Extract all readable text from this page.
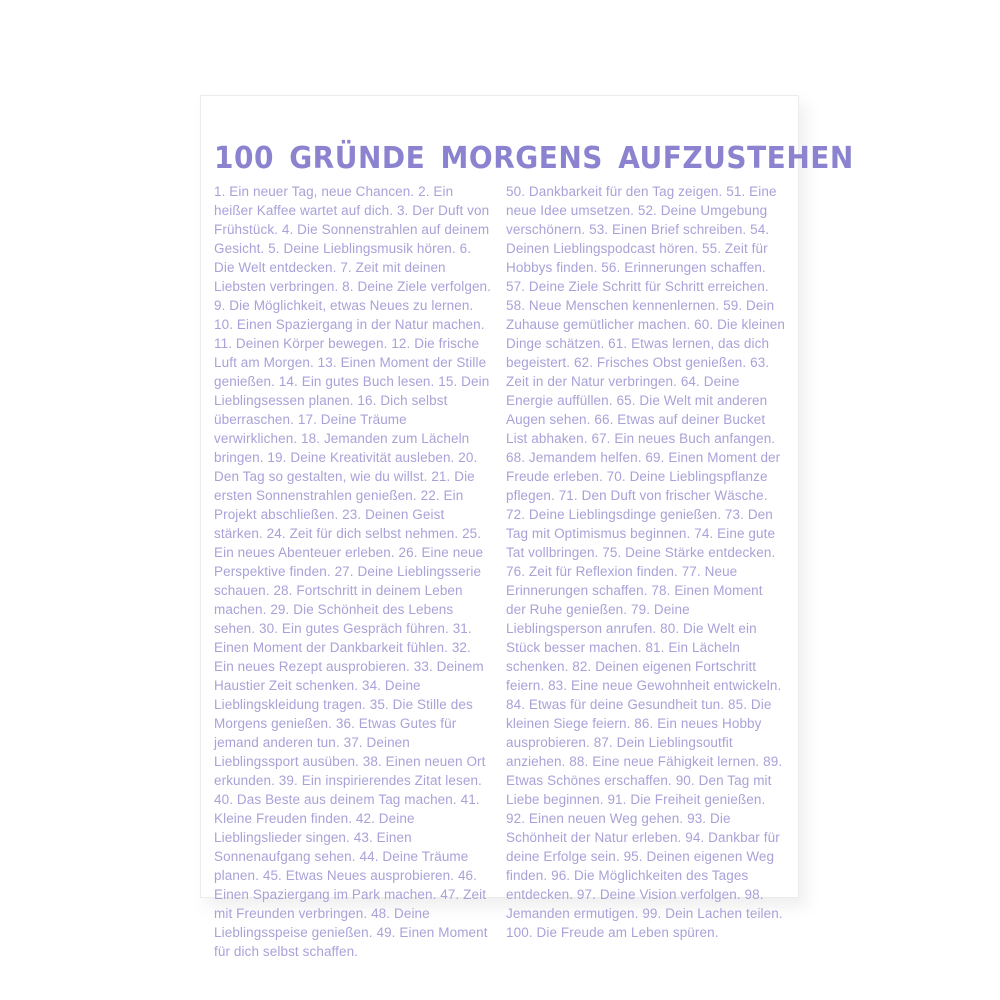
100 GRÜNDE MORGENS AUFZUSTEHEN

1. Ein neuer Tag, neue Chancen. 2. Ein heißer Kaffee wartet auf dich. 3. Der Duft von Frühstück. 4. Die Sonnenstrahlen auf deinem Gesicht. 5. Deine Lieblingsmusik hören. 6. Die Welt entdecken. 7. Zeit mit deinen Liebsten verbringen. 8. Deine Ziele verfolgen. 9. Die Möglichkeit, etwas Neues zu lernen. 10. Einen Spaziergang in der Natur machen. 11. Deinen Körper bewegen. 12. Die frische Luft am Morgen. 13. Einen Moment der Stille genießen. 14. Ein gutes Buch lesen. 15. Dein Lieblingsessen planen. 16. Dich selbst überraschen. 17. Deine Träume verwirklichen. 18. Jemanden zum Lächeln bringen. 19. Deine Kreativität ausleben. 20. Den Tag so gestalten, wie du willst. 21. Die ersten Sonnenstrahlen genießen. 22. Ein Projekt abschließen. 23. Deinen Geist stärken. 24. Zeit für dich selbst nehmen. 25. Ein neues Abenteuer erleben. 26. Eine neue Perspektive finden. 27. Deine Lieblingsserie schauen. 28. Fortschritt in deinem Leben machen. 29. Die Schönheit des Lebens sehen. 30. Ein gutes Gespräch führen. 31. Einen Moment der Dankbarkeit fühlen. 32. Ein neues Rezept ausprobieren. 33. Deinem Haustier Zeit schenken. 34. Deine Lieblingskleidung tragen. 35. Die Stille des Morgens genießen. 36. Etwas Gutes für jemand anderen tun. 37. Deinen Lieblingssport ausüben. 38. Einen neuen Ort erkunden. 39. Ein inspirierendes Zitat lesen. 40. Das Beste aus deinem Tag machen. 41. Kleine Freuden finden. 42. Deine Lieblingslieder singen. 43. Einen Sonnenaufgang sehen. 44. Deine Träume planen. 45. Etwas Neues ausprobieren. 46. Einen Spaziergang im Park machen. 47. Zeit mit Freunden verbringen. 48. Deine Lieblingsspeise genießen. 49. Einen Moment für dich selbst schaffen.

50. Dankbarkeit für den Tag zeigen. 51. Eine neue Idee umsetzen. 52. Deine Umgebung verschönern. 53. Einen Brief schreiben. 54. Deinen Lieblingspodcast hören. 55. Zeit für Hobbys finden. 56. Erinnerungen schaffen. 57. Deine Ziele Schritt für Schritt erreichen. 58. Neue Menschen kennenlernen. 59. Dein Zuhause gemütlicher machen. 60. Die kleinen Dinge schätzen. 61. Etwas lernen, das dich begeistert. 62. Frisches Obst genießen. 63. Zeit in der Natur verbringen. 64. Deine Energie auffüllen. 65. Die Welt mit anderen Augen sehen. 66. Etwas auf deiner Bucket List abhaken. 67. Ein neues Buch anfangen. 68. Jemandem helfen. 69. Einen Moment der Freude erleben. 70. Deine Lieblingspflanze pflegen. 71. Den Duft von frischer Wäsche. 72. Deine Lieblingsdinge genießen. 73. Den Tag mit Optimismus beginnen. 74. Eine gute Tat vollbringen. 75. Deine Stärke entdecken. 76. Zeit für Reflexion finden. 77. Neue Erinnerungen schaffen. 78. Einen Moment der Ruhe genießen. 79. Deine Lieblingsperson anrufen. 80. Die Welt ein Stück besser machen. 81. Ein Lächeln schenken. 82. Deinen eigenen Fortschritt feiern. 83. Eine neue Gewohnheit entwickeln. 84. Etwas für deine Gesundheit tun. 85. Die kleinen Siege feiern. 86. Ein neues Hobby ausprobieren. 87. Dein Lieblingsoutfit anziehen. 88. Eine neue Fähigkeit lernen. 89. Etwas Schönes erschaffen. 90. Den Tag mit Liebe beginnen. 91. Die Freiheit genießen. 92. Einen neuen Weg gehen. 93. Die Schönheit der Natur erleben. 94. Dankbar für deine Erfolge sein. 95. Deinen eigenen Weg finden. 96. Die Möglichkeiten des Tages entdecken. 97. Deine Vision verfolgen. 98. Jemanden ermutigen. 99. Dein Lachen teilen. 100. Die Freude am Leben spüren.
